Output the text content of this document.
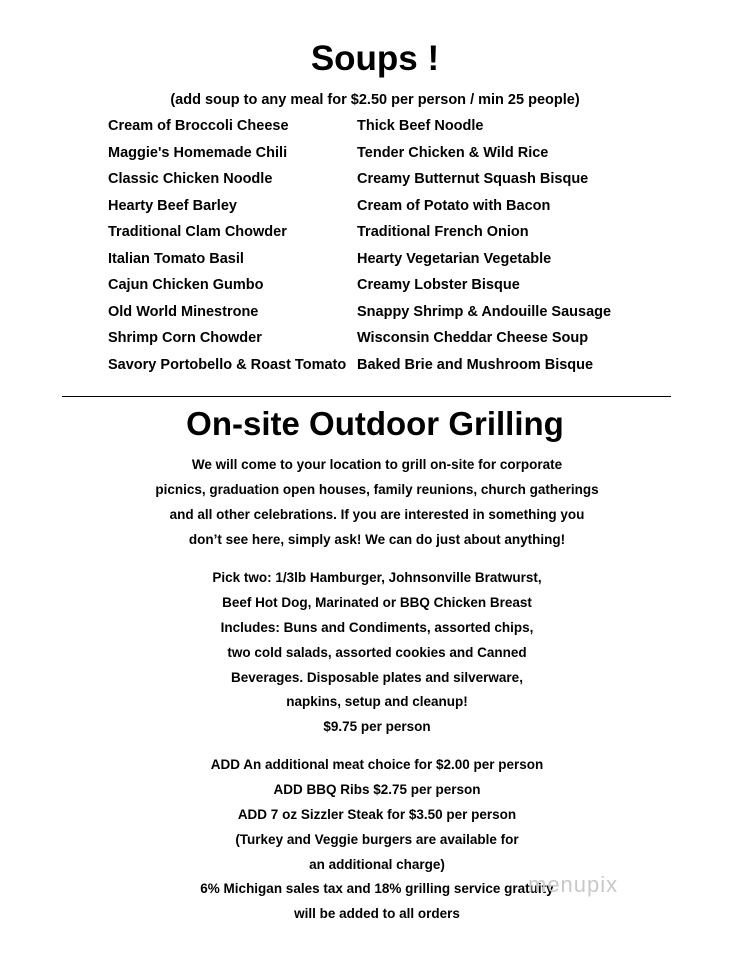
Soups !
(add soup to any meal for $2.50 per person / min 25 people)
Cream of Broccoli Cheese
Maggie's Homemade Chili
Classic Chicken Noodle
Hearty Beef Barley
Traditional Clam Chowder
Italian Tomato Basil
Cajun Chicken Gumbo
Old World Minestrone
Shrimp Corn Chowder
Savory Portobello & Roast Tomato
Thick Beef Noodle
Tender Chicken & Wild Rice
Creamy Butternut Squash Bisque
Cream of Potato with Bacon
Traditional French Onion
Hearty Vegetarian Vegetable
Creamy Lobster Bisque
Snappy Shrimp & Andouille Sausage
Wisconsin Cheddar Cheese Soup
Baked Brie and Mushroom Bisque
On-site Outdoor Grilling
We will come to your location to grill on-site for corporate
picnics, graduation open houses, family reunions, church gatherings
and all other celebrations. If you are interested in something you
don’t see here, simply ask! We can do just about anything!
Pick two: 1/3lb Hamburger, Johnsonville Bratwurst,
Beef Hot Dog, Marinated or BBQ Chicken Breast
Includes: Buns and Condiments, assorted chips,
two cold salads, assorted cookies and Canned
Beverages. Disposable plates and silverware,
napkins, setup and cleanup!
$9.75 per person
ADD An additional meat choice for $2.00 per person
ADD BBQ Ribs $2.75 per person
ADD 7 oz Sizzler Steak for $3.50 per person
(Turkey and Veggie burgers are available for
an additional charge)
6% Michigan sales tax and 18% grilling service gratuity
will be added to all orders
menupix
